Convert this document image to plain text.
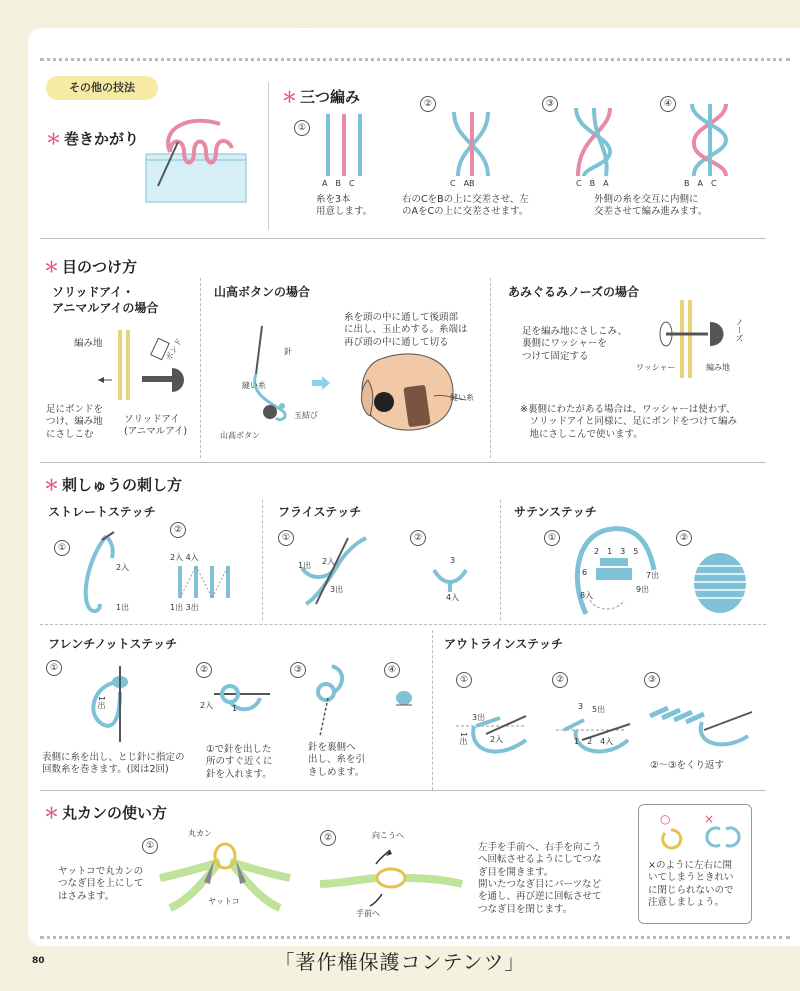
「著作権保護コンテンツ」
80
その他の技法
＊ 巻きかがり
＊ 三つ編み
①
②	③	④
A　B　C	C　AB	C　B　A	B　A　C
糸を3本
用意します。
右のCをBの上に交差させ、左
のAをCの上に交差させます。
外側の糸を交互に内側に
交差させて編み進みます。
＊ 目のつけ方
ソリッドアイ・
アニマルアイの場合
編み地	ボンド
足にボンドを
つけ、編み地
にさしこむ
ソリッドアイ
(アニマルアイ)
山高ボタンの場合
針
縫い糸
玉結び
山高ボタン
糸を頭の中に通して後頭部
に出し、玉止めする。糸端は
再び頭の中に通して切る
縫い糸
あみぐるみノーズの場合
足を編み地にさしこみ、
裏側にワッシャーを
つけて固定する
ノーズ
ワッシャー	編み地
※裏側にわたがある場合は、ワッシャーは使わず、
　ソリッドアイと同様に、足にボンドをつけて編み
　地にさしこんで使います。
＊ 刺しゅうの刺し方
ストレートステッチ
①
②
2入
1出
2入 4入
1出 3出
フライステッチ
①	②
1出 2入
3出
3
4入
サテンステッチ
①	②
2　1　3　5
6	7出
8入
9出
フレンチノットステッチ
①	②	③	④
1出
表側に糸を出し、とじ針に指定の
回数糸を巻きます。(図は2回)
2入 1
①で針を出した
所のすぐ近くに
針を入れます。
針を裏側へ
出し、糸を引
きしめます。
アウトラインステッチ
①	②	③
3出
1出	2入
3 5出
1　2　4入
②～③をくり返す
＊ 丸カンの使い方
①
②
丸カン
ヤットコ
ヤットコで丸カンの
つなぎ目を上にして
はさみます。
向こうへ
手前へ
左手を手前へ、右手を向こう
へ回転させるようにしてつな
ぎ目を開きます。
開いたつなぎ目にパーツなど
を通し、再び逆に回転させて
つなぎ目を閉じます。
○	×
×のように左右に開
いてしまうときれい
に閉じられないので
注意しましょう。
